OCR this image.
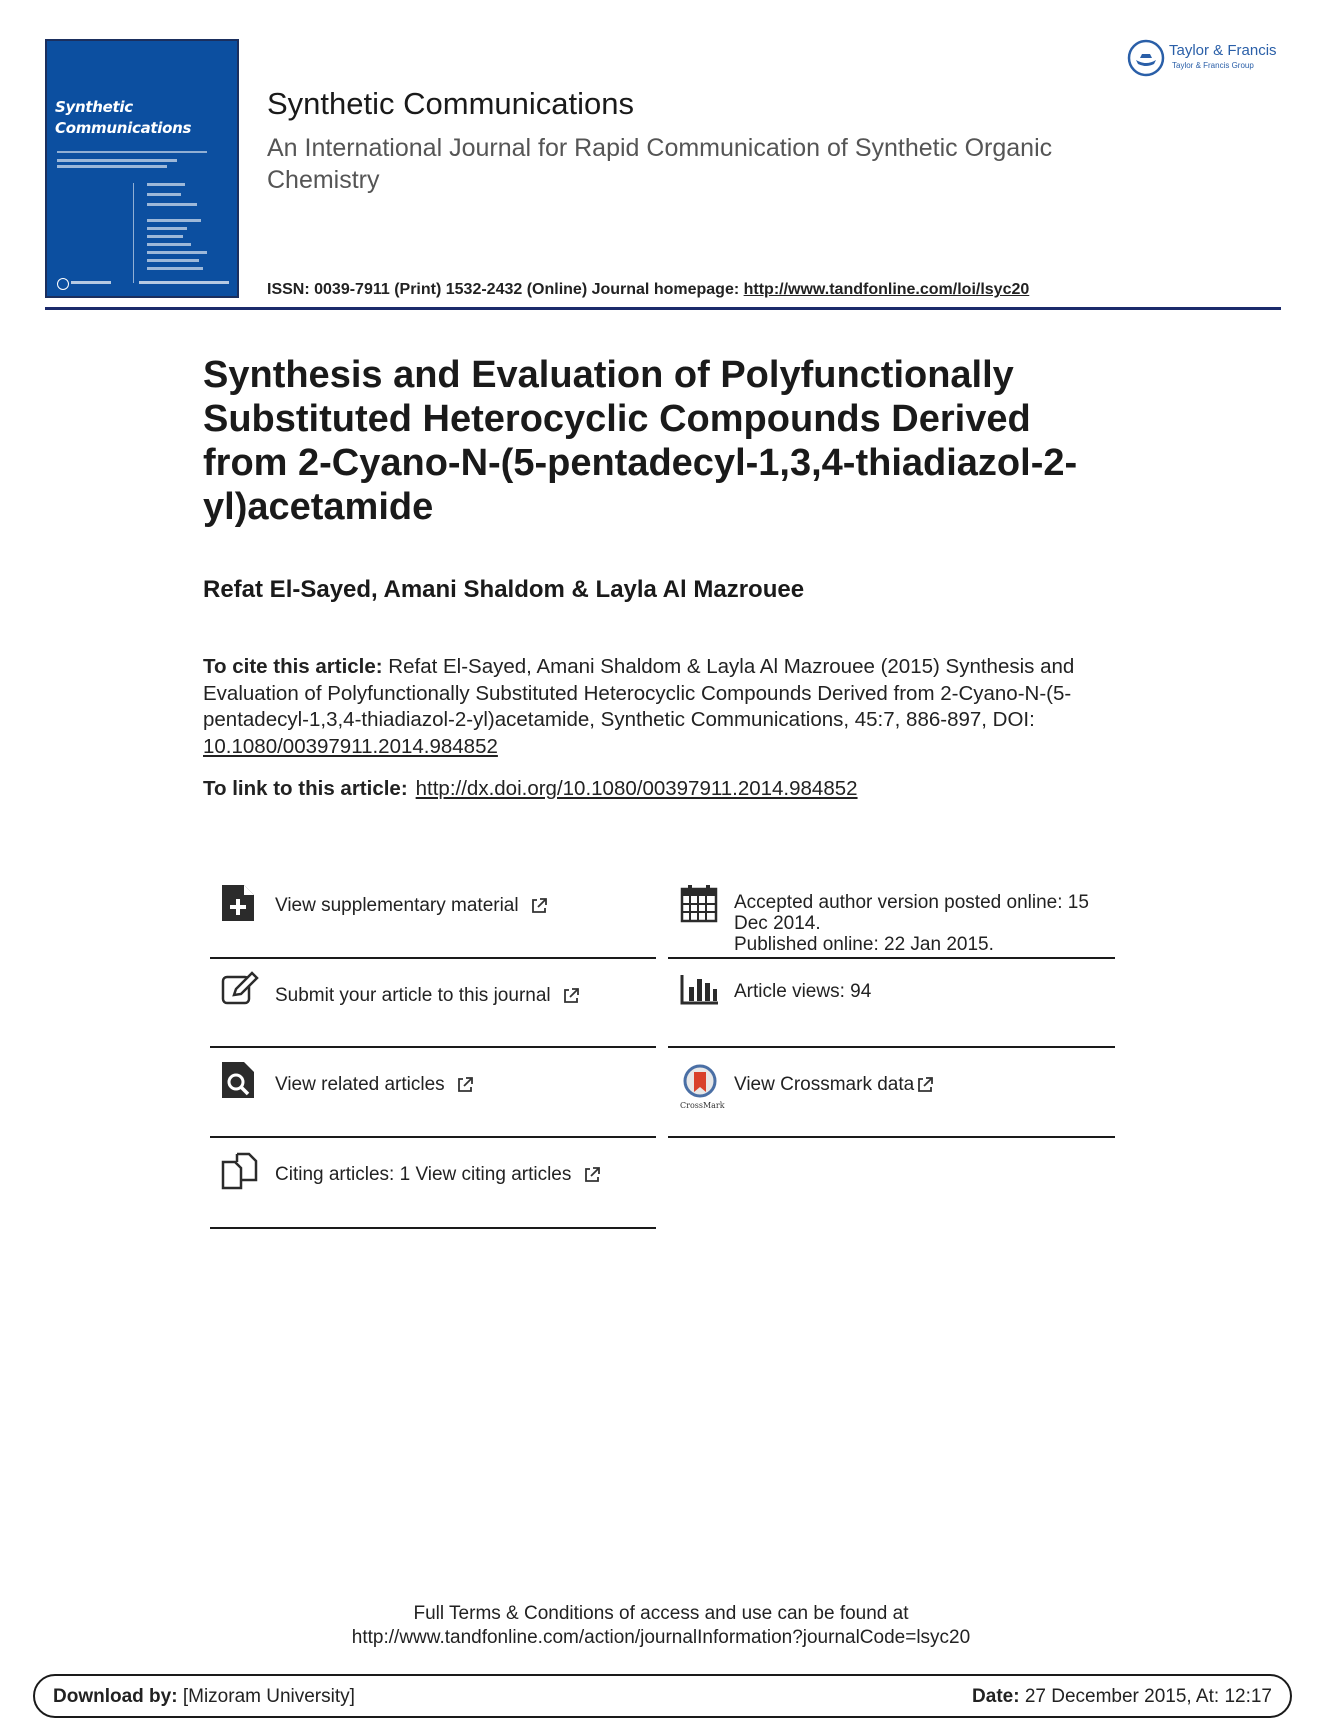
Synthetic
Communications
Taylor & Francis
Taylor & Francis Group
Synthetic Communications
An International Journal for Rapid Communication of Synthetic Organic Chemistry
ISSN: 0039-7911 (Print) 1532-2432 (Online) Journal homepage: http://www.tandfonline.com/loi/lsyc20
Synthesis and Evaluation of Polyfunctionally Substituted Heterocyclic Compounds Derived from 2-Cyano-N-(5-pentadecyl-1,3,4-thiadiazol-2-yl)acetamide
Refat El-Sayed, Amani Shaldom & Layla Al Mazrouee
To cite this article: Refat El-Sayed, Amani Shaldom & Layla Al Mazrouee (2015) Synthesis and Evaluation of Polyfunctionally Substituted Heterocyclic Compounds Derived from 2-Cyano-N-(5-pentadecyl-1,3,4-thiadiazol-2-yl)acetamide, Synthetic Communications, 45:7, 886-897, DOI: 10.1080/00397911.2014.984852
To link to this article: http://dx.doi.org/10.1080/00397911.2014.984852
View supplementary material
Submit your article to this journal
View related articles
Citing articles: 1 View citing articles
Accepted author version posted online: 15
Dec 2014.
Published online: 22 Jan 2015.
Article views: 94
CrossMark
View Crossmark data
Full Terms & Conditions of access and use can be found at
http://www.tandfonline.com/action/journalInformation?journalCode=lsyc20
Download by: [Mizoram University]	Date: 27 December 2015, At: 12:17
